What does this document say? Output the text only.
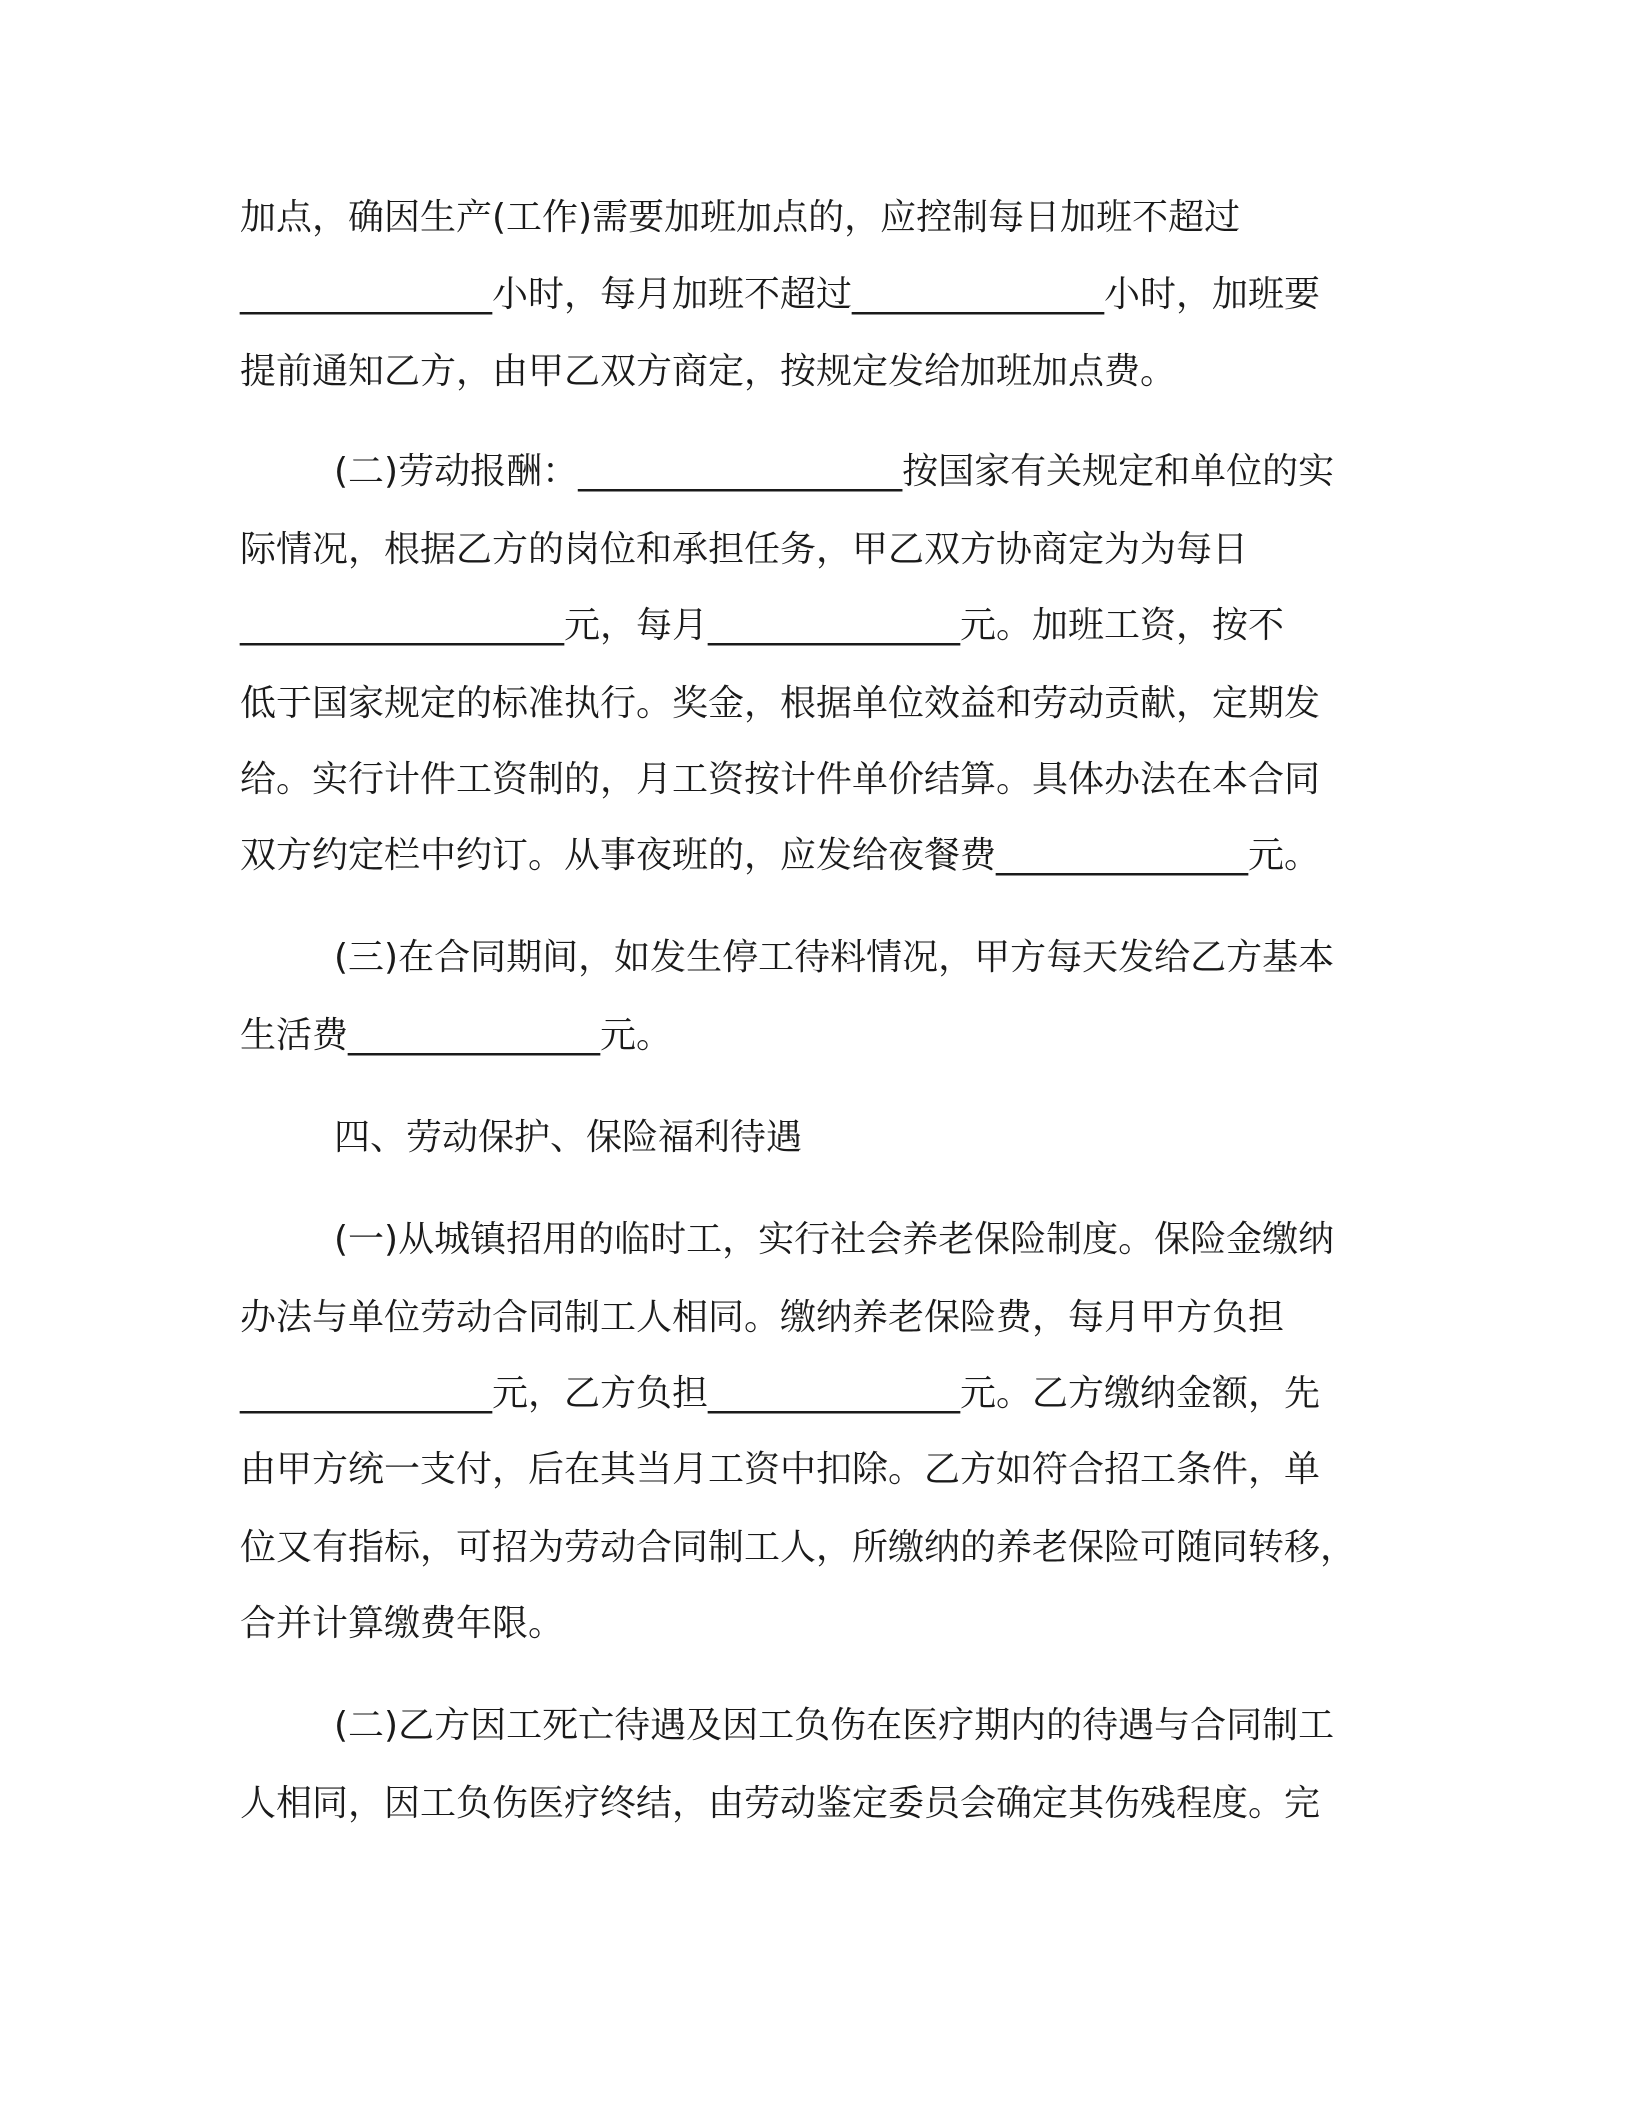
加点，确因生产(工作)需要加班加点的，应控制每日加班不超过
______________小时，每月加班不超过______________小时，加班要
提前通知乙方，由甲乙双方商定，按规定发给加班加点费。
(二)劳动报酬：__________________按国家有关规定和单位的实
际情况，根据乙方的岗位和承担任务，甲乙双方协商定为为每日
__________________元，每月______________元。加班工资，按不
低于国家规定的标准执行。奖金，根据单位效益和劳动贡献，定期发
给。实行计件工资制的，月工资按计件单价结算。具体办法在本合同
双方约定栏中约订。从事夜班的，应发给夜餐费______________元。
(三)在合同期间，如发生停工待料情况，甲方每天发给乙方基本
生活费______________元。
四、劳动保护、保险福利待遇
(一)从城镇招用的临时工，实行社会养老保险制度。保险金缴纳
办法与单位劳动合同制工人相同。缴纳养老保险费，每月甲方负担
______________元，乙方负担______________元。乙方缴纳金额，先
由甲方统一支付，后在其当月工资中扣除。乙方如符合招工条件，单
位又有指标，可招为劳动合同制工人，所缴纳的养老保险可随同转移，
合并计算缴费年限。
(二)乙方因工死亡待遇及因工负伤在医疗期内的待遇与合同制工
人相同，因工负伤医疗终结，由劳动鉴定委员会确定其伤残程度。完
